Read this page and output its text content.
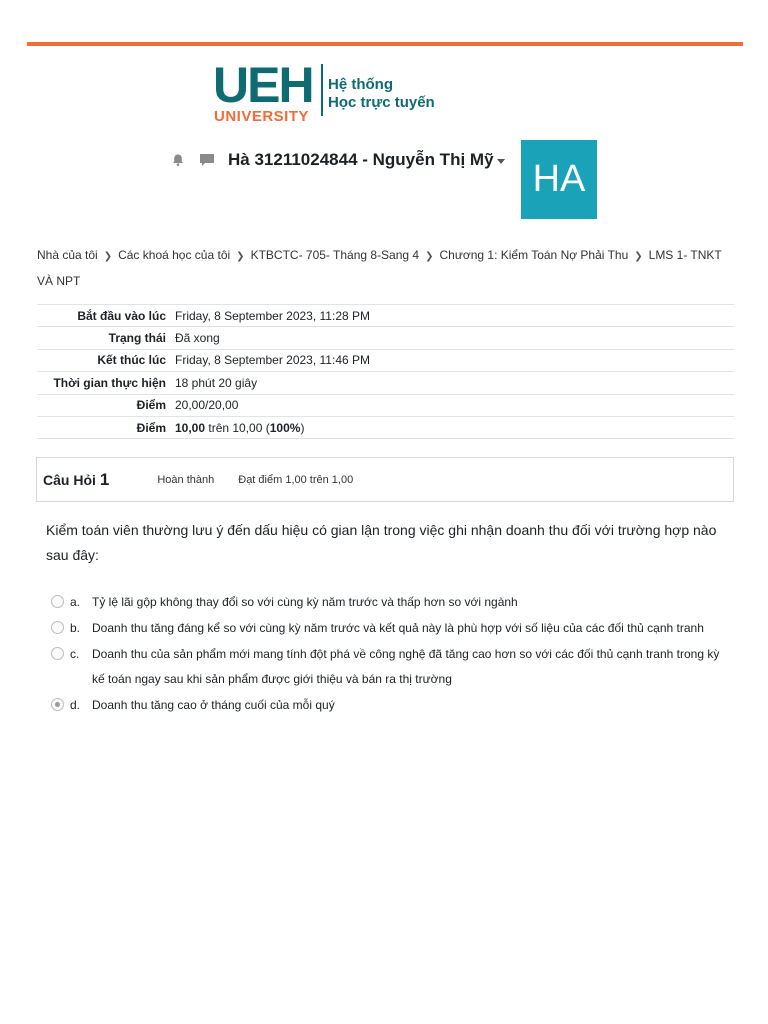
UEH
UNIVERSITY
Hệ thống
Học trực tuyến
Hà 31211024844 - Nguyễn Thị Mỹ	HA
Nhà của tôi ❯ Các khoá học của tôi ❯ KTBCTC- 705- Tháng 8-Sang 4 ❯ Chương 1: Kiểm Toán Nợ Phải Thu ❯ LMS 1- TNKT VÀ NPT
Bắt đầu vào lúc	Friday, 8 September 2023, 11:28 PM
Trạng thái	Đã xong
Kết thúc lúc	Friday, 8 September 2023, 11:46 PM
Thời gian thực hiện	18 phút 20 giây
Điểm	20,00/20,00
Điểm	10,00 trên 10,00 (100%)
Câu Hỏi 1	Hoàn thành Đạt điểm 1,00 trên 1,00
Kiểm toán viên thường lưu ý đến dấu hiệu có gian lận trong việc ghi nhận doanh thu đối với trường hợp nào sau đây:
a. Tỷ lệ lãi gộp không thay đổi so với cùng kỳ năm trước và thấp hơn so với ngành
b. Doanh thu tăng đáng kể so với cùng kỳ năm trước và kết quả này là phù hợp với số liệu của các đối thủ cạnh tranh
c.	Doanh thu của sản phẩm mới mang tính đột phá về công nghệ đã tăng cao hơn so với các đối thủ cạnh tranh trong kỳ kế toán ngay sau khi sản phẩm được giới thiệu và bán ra thị trường
d. Doanh thu tăng cao ở tháng cuối của mỗi quý
